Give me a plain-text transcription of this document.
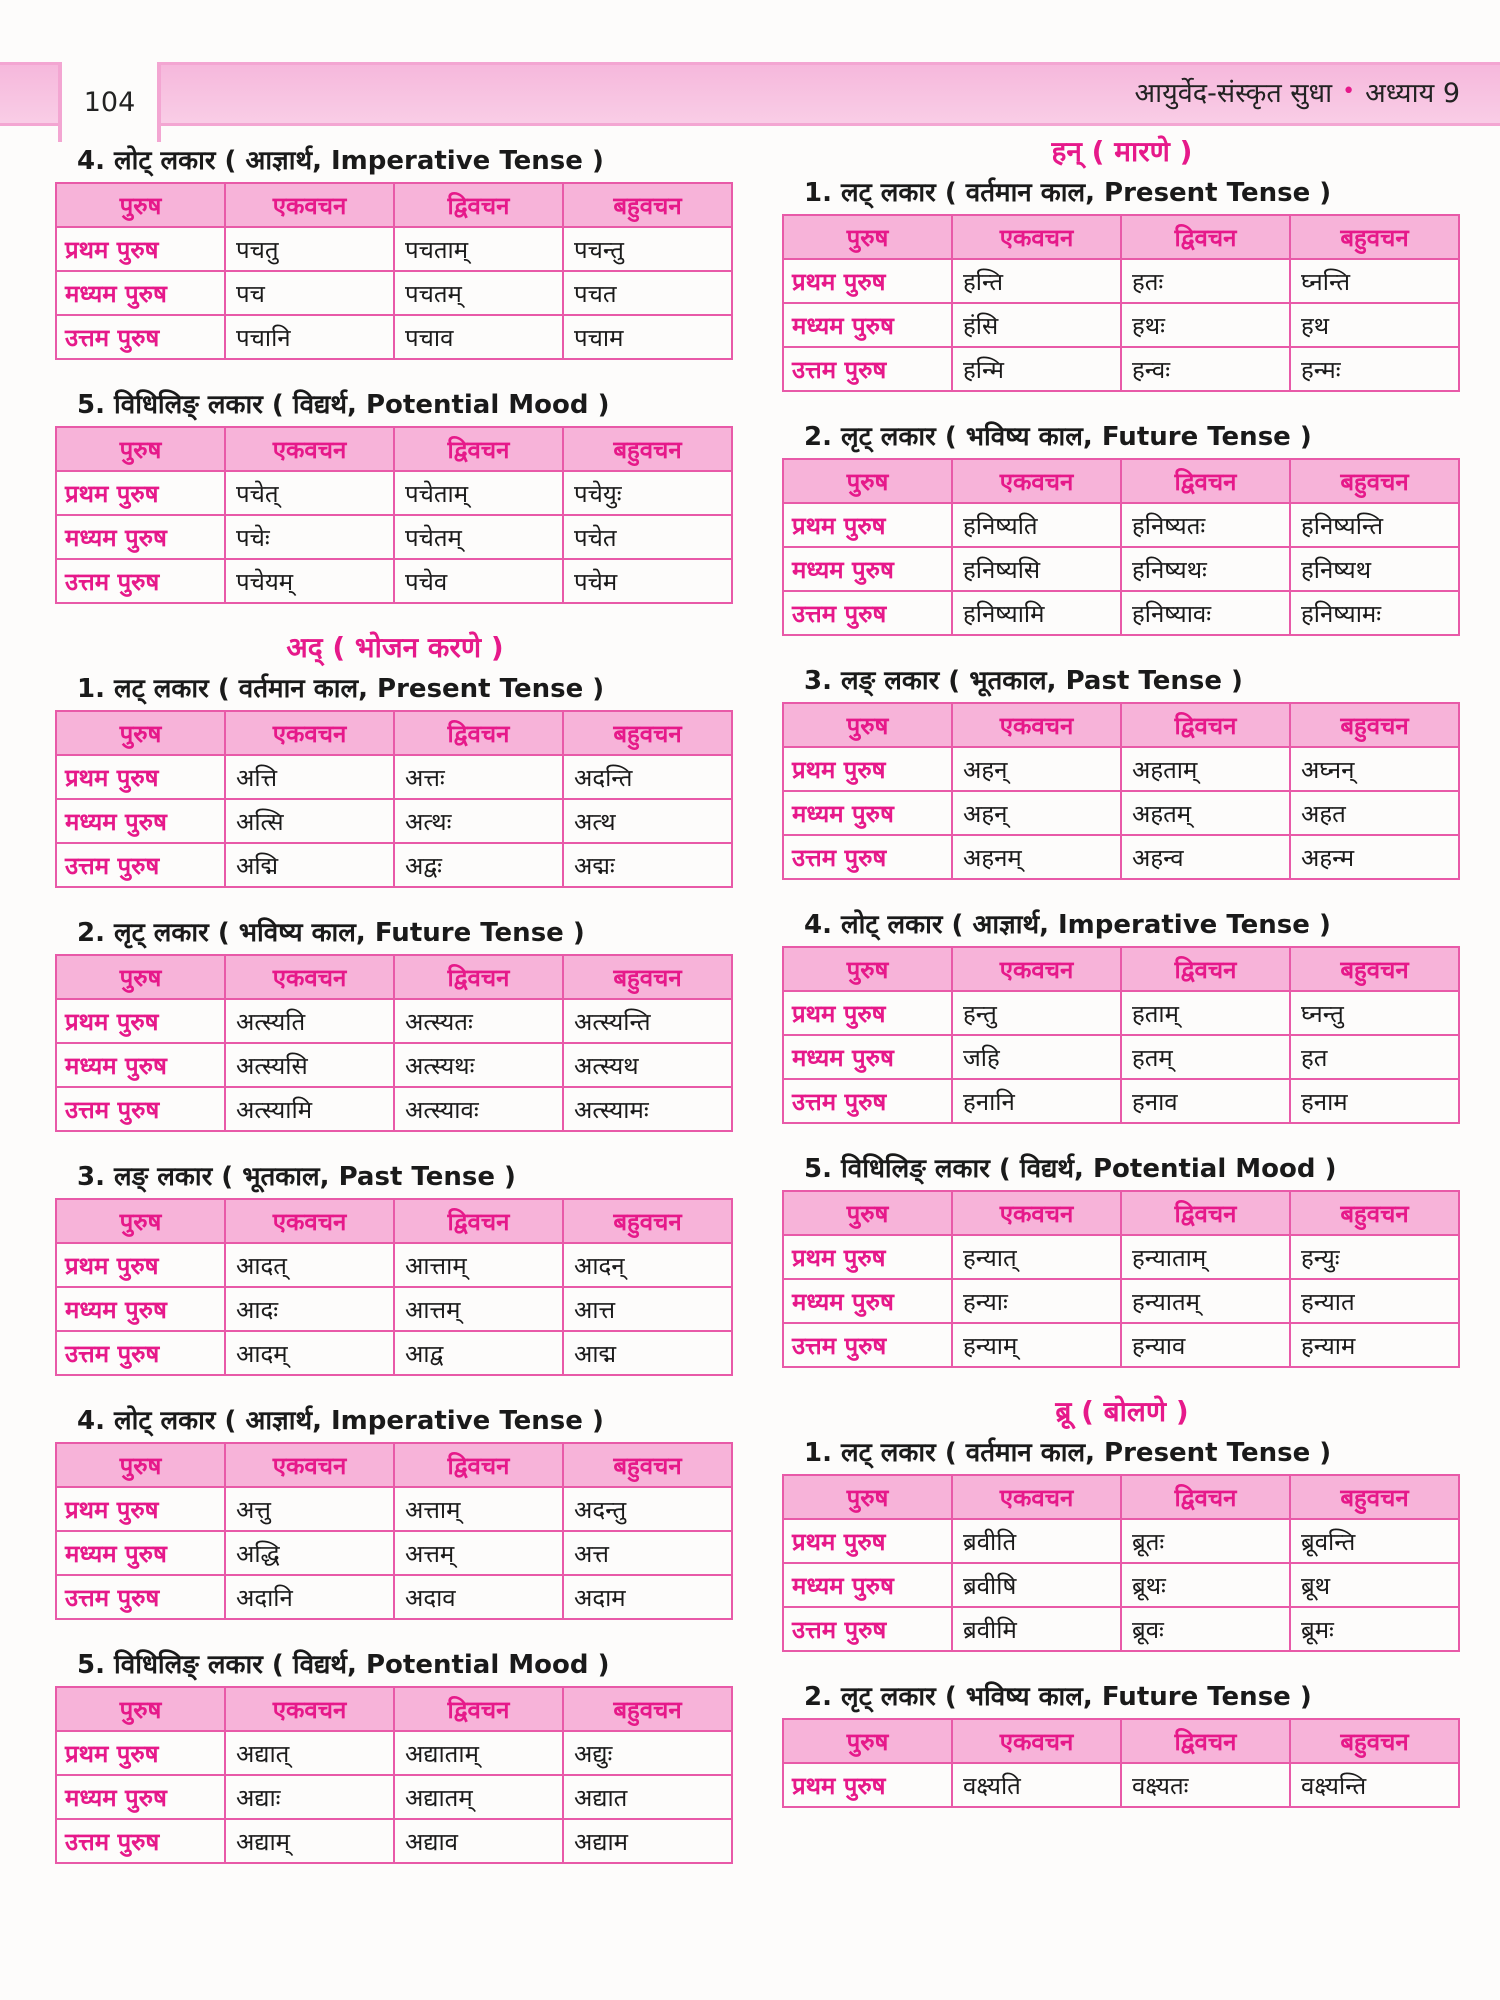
104	आयुर्वेद-संस्कृत सुधा • अध्याय 9
4. लोट् लकार ( आज्ञार्थ, Imperative Tense )
पुरुष	एकवचन	द्विवचन	बहुवचन
प्रथम पुरुष	पचतु	पचताम्	पचन्तु
मध्यम पुरुष	पच	पचतम्	पचत
उत्तम पुरुष	पचानि	पचाव	पचाम
5. विधिलिङ् लकार ( विद्यर्थ, Potential Mood )
पुरुष	एकवचन	द्विवचन	बहुवचन
प्रथम पुरुष	पचेत्	पचेताम्	पचेयुः
मध्यम पुरुष	पचेः	पचेतम्	पचेत
उत्तम पुरुष	पचेयम्	पचेव	पचेम
अद् ( भोजन करणे )
1. लट् लकार ( वर्तमान काल, Present Tense )
पुरुष	एकवचन	द्विवचन	बहुवचन
प्रथम पुरुष	अत्ति	अत्तः	अदन्ति
मध्यम पुरुष	अत्सि	अत्थः	अत्थ
उत्तम पुरुष	अद्मि	अद्वः	अद्मः
2. लृट् लकार ( भविष्य काल, Future Tense )
पुरुष	एकवचन	द्विवचन	बहुवचन
प्रथम पुरुष	अत्स्यति	अत्स्यतः	अत्स्यन्ति
मध्यम पुरुष	अत्स्यसि	अत्स्यथः	अत्स्यथ
उत्तम पुरुष	अत्स्यामि	अत्स्यावः	अत्स्यामः
3. लङ् लकार ( भूतकाल, Past Tense )
पुरुष	एकवचन	द्विवचन	बहुवचन
प्रथम पुरुष	आदत्	आत्ताम्	आदन्
मध्यम पुरुष	आदः	आत्तम्	आत्त
उत्तम पुरुष	आदम्	आद्व	आद्म
4. लोट् लकार ( आज्ञार्थ, Imperative Tense )
पुरुष	एकवचन	द्विवचन	बहुवचन
प्रथम पुरुष	अत्तु	अत्ताम्	अदन्तु
मध्यम पुरुष	अद्धि	अत्तम्	अत्त
उत्तम पुरुष	अदानि	अदाव	अदाम
5. विधिलिङ् लकार ( विद्यर्थ, Potential Mood )
पुरुष	एकवचन	द्विवचन	बहुवचन
प्रथम पुरुष	अद्यात्	अद्याताम्	अद्युः
मध्यम पुरुष	अद्याः	अद्यातम्	अद्यात
उत्तम पुरुष	अद्याम्	अद्याव	अद्याम
हन् ( मारणे )
1. लट् लकार ( वर्तमान काल, Present Tense )
पुरुष	एकवचन	द्विवचन	बहुवचन
प्रथम पुरुष	हन्ति	हतः	घ्नन्ति
मध्यम पुरुष	हंसि	हथः	हथ
उत्तम पुरुष	हन्मि	हन्वः	हन्मः
2. लृट् लकार ( भविष्य काल, Future Tense )
पुरुष	एकवचन	द्विवचन	बहुवचन
प्रथम पुरुष	हनिष्यति	हनिष्यतः	हनिष्यन्ति
मध्यम पुरुष	हनिष्यसि	हनिष्यथः	हनिष्यथ
उत्तम पुरुष	हनिष्यामि	हनिष्यावः	हनिष्यामः
3. लङ् लकार ( भूतकाल, Past Tense )
पुरुष	एकवचन	द्विवचन	बहुवचन
प्रथम पुरुष	अहन्	अहताम्	अघ्नन्
मध्यम पुरुष	अहन्	अहतम्	अहत
उत्तम पुरुष	अहनम्	अहन्व	अहन्म
4. लोट् लकार ( आज्ञार्थ, Imperative Tense )
पुरुष	एकवचन	द्विवचन	बहुवचन
प्रथम पुरुष	हन्तु	हताम्	घ्नन्तु
मध्यम पुरुष	जहि	हतम्	हत
उत्तम पुरुष	हनानि	हनाव	हनाम
5. विधिलिङ् लकार ( विद्यर्थ, Potential Mood )
पुरुष	एकवचन	द्विवचन	बहुवचन
प्रथम पुरुष	हन्यात्	हन्याताम्	हन्युः
मध्यम पुरुष	हन्याः	हन्यातम्	हन्यात
उत्तम पुरुष	हन्याम्	हन्याव	हन्याम
ब्रू ( बोलणे )
1. लट् लकार ( वर्तमान काल, Present Tense )
पुरुष	एकवचन	द्विवचन	बहुवचन
प्रथम पुरुष	ब्रवीति	ब्रूतः	ब्रूवन्ति
मध्यम पुरुष	ब्रवीषि	ब्रूथः	ब्रूथ
उत्तम पुरुष	ब्रवीमि	ब्रूवः	ब्रूमः
2. लृट् लकार ( भविष्य काल, Future Tense )
पुरुष	एकवचन	द्विवचन	बहुवचन
प्रथम पुरुष	वक्ष्यति	वक्ष्यतः	वक्ष्यन्ति
